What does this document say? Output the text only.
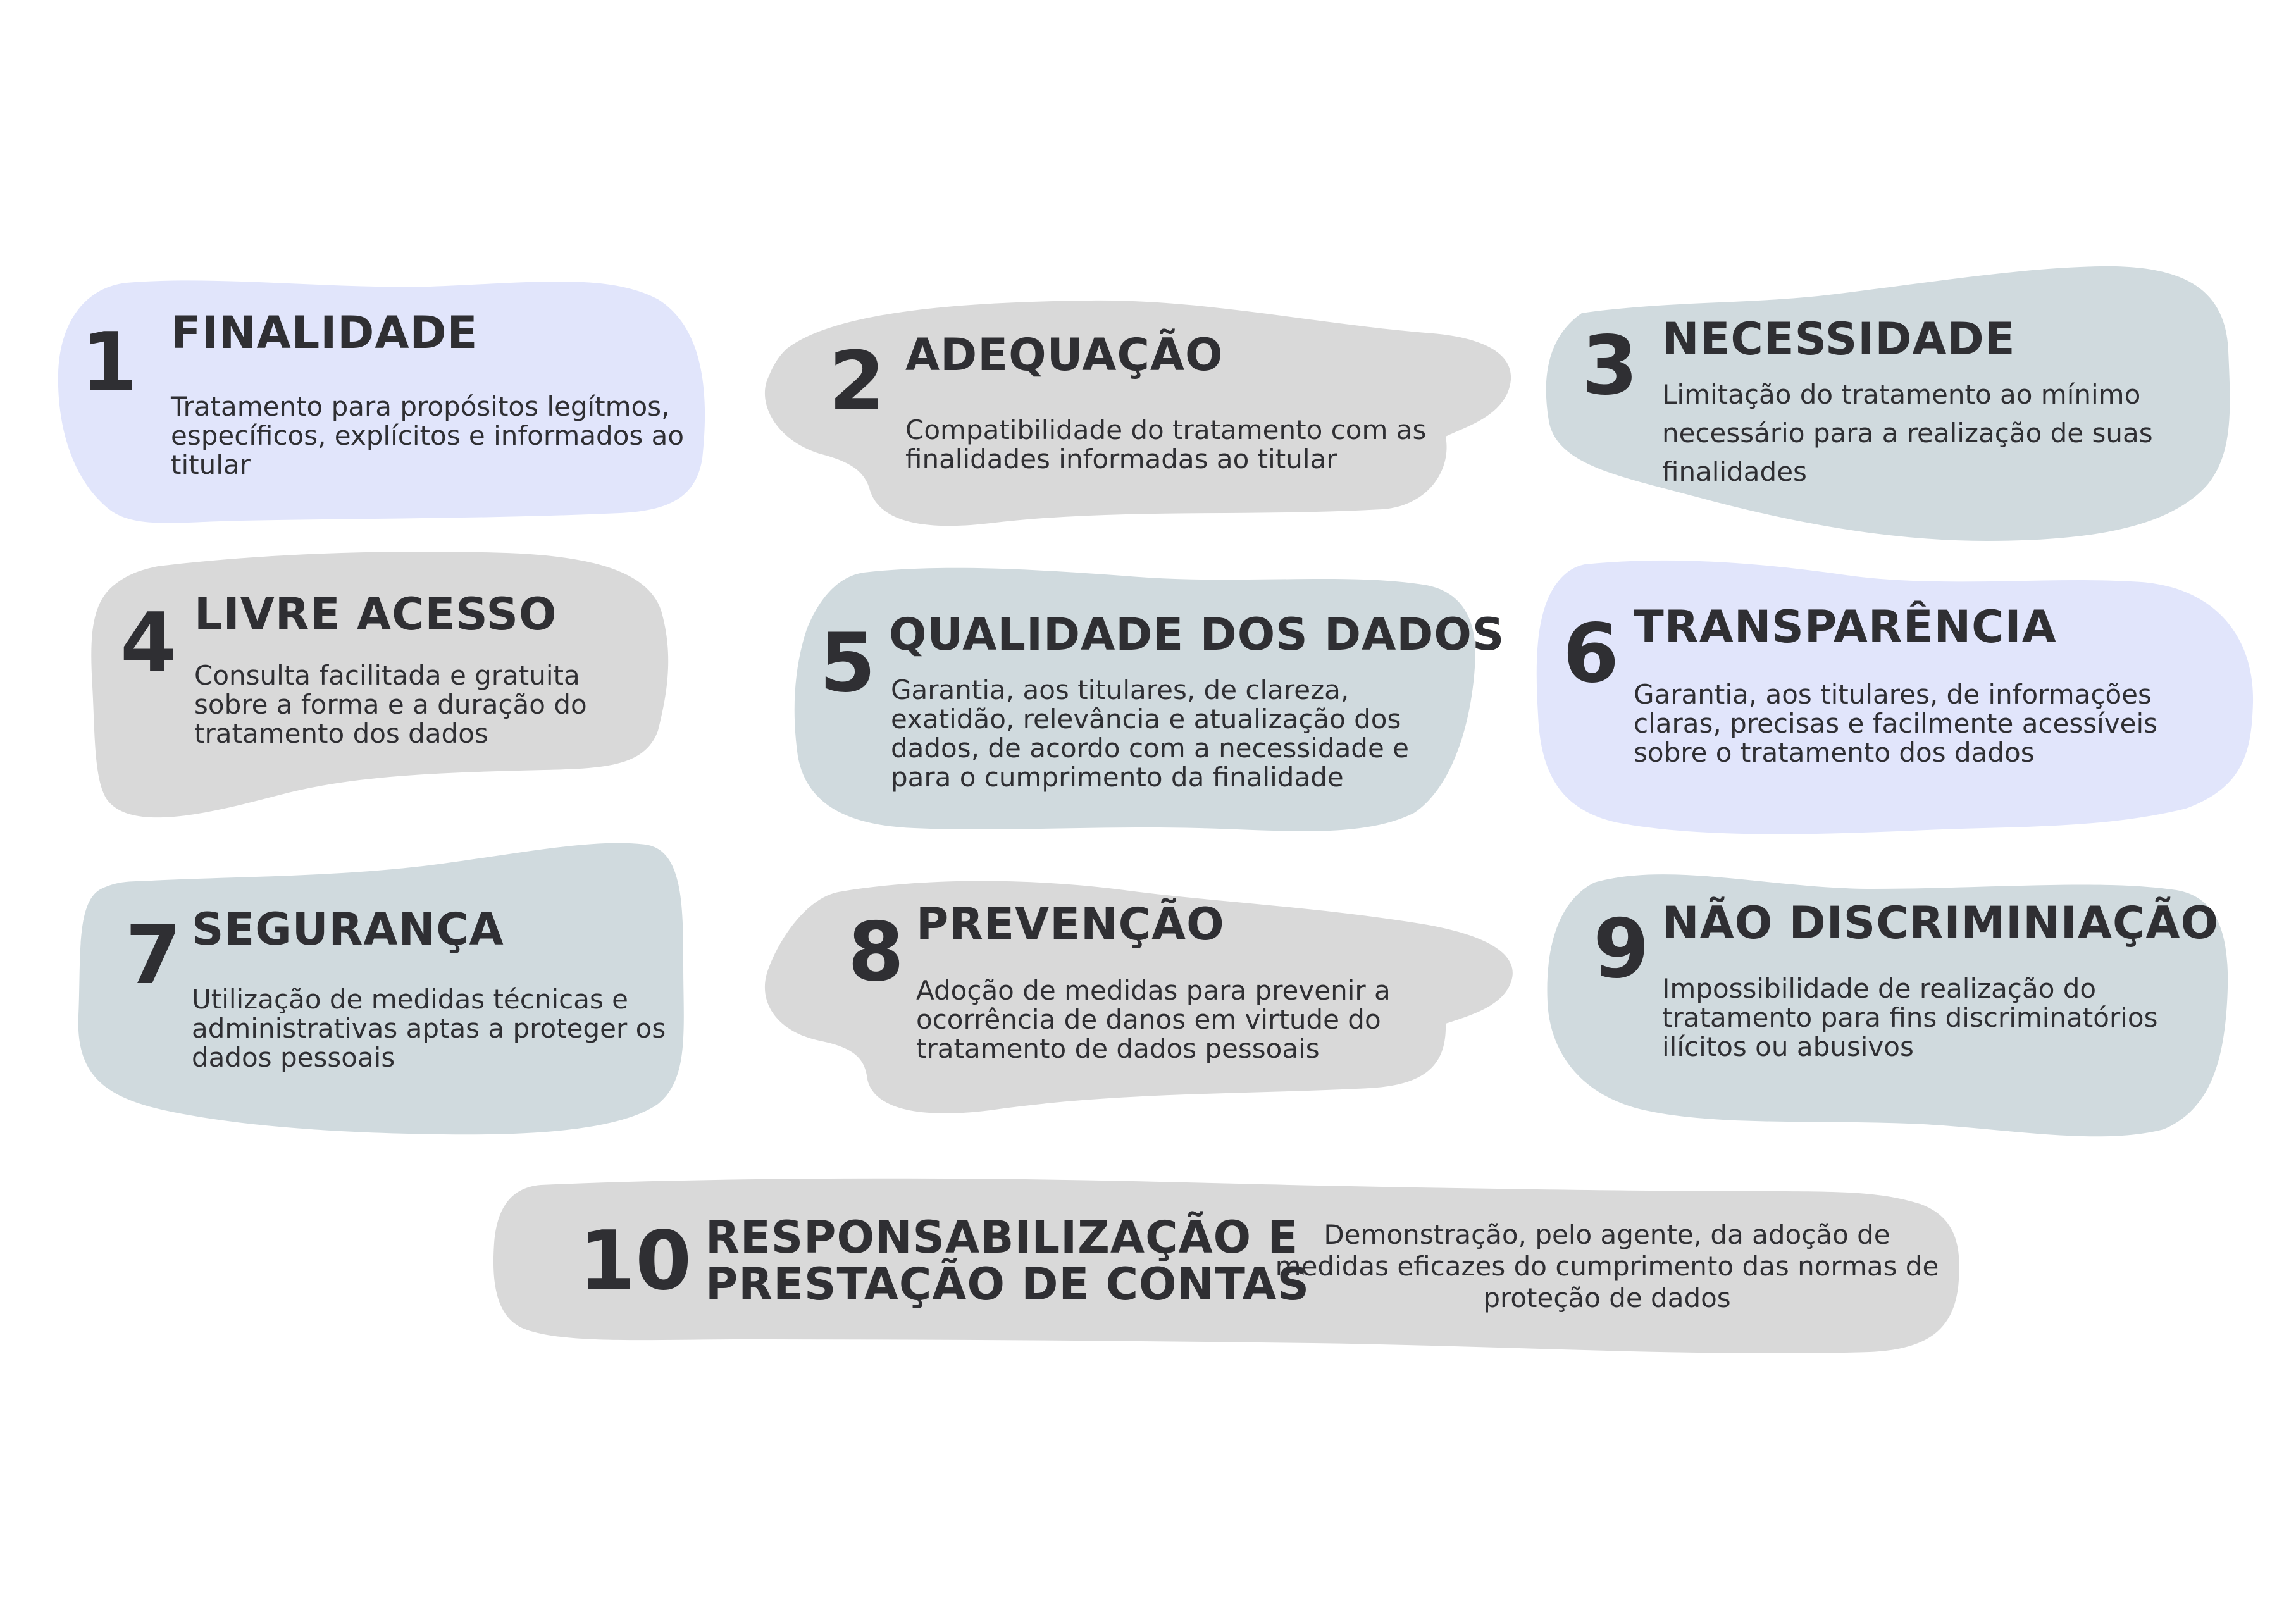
1 FINALIDADE
Tratamento para propósitos legítmos, específicos, explícitos e informados ao titular
2 ADEQUAÇÃO
Compatibilidade do tratamento com as finalidades informadas ao titular
3 NECESSIDADE
Limitação do tratamento ao mínimo necessário para a realização de suas finalidades
4 LIVRE ACESSO
Consulta facilitada e gratuita sobre a forma e a duração do tratamento dos dados
5 QUALIDADE DOS DADOS
Garantia, aos titulares, de clareza, exatidão, relevância e atualização dos dados, de acordo com a necessidade e para o cumprimento da finalidade
6 TRANSPARÊNCIA
Garantia, aos titulares, de informações claras, precisas e facilmente acessíveis sobre o tratamento dos dados
7 SEGURANÇA
Utilização de medidas técnicas e administrativas aptas a proteger os dados pessoais
8 PREVENÇÃO
Adoção de medidas para prevenir a ocorrência de danos em virtude do tratamento de dados pessoais
9 NÃO DISCRIMINIAÇÃO
Impossibilidade de realização do tratamento para fins discriminatórios ilícitos ou abusivos
10 RESPONSABILIZAÇÃO E
PRESTAÇÃO DE CONTAS
Demonstração, pelo agente, da adoção de medidas eficazes do cumprimento das normas de proteção de dados
